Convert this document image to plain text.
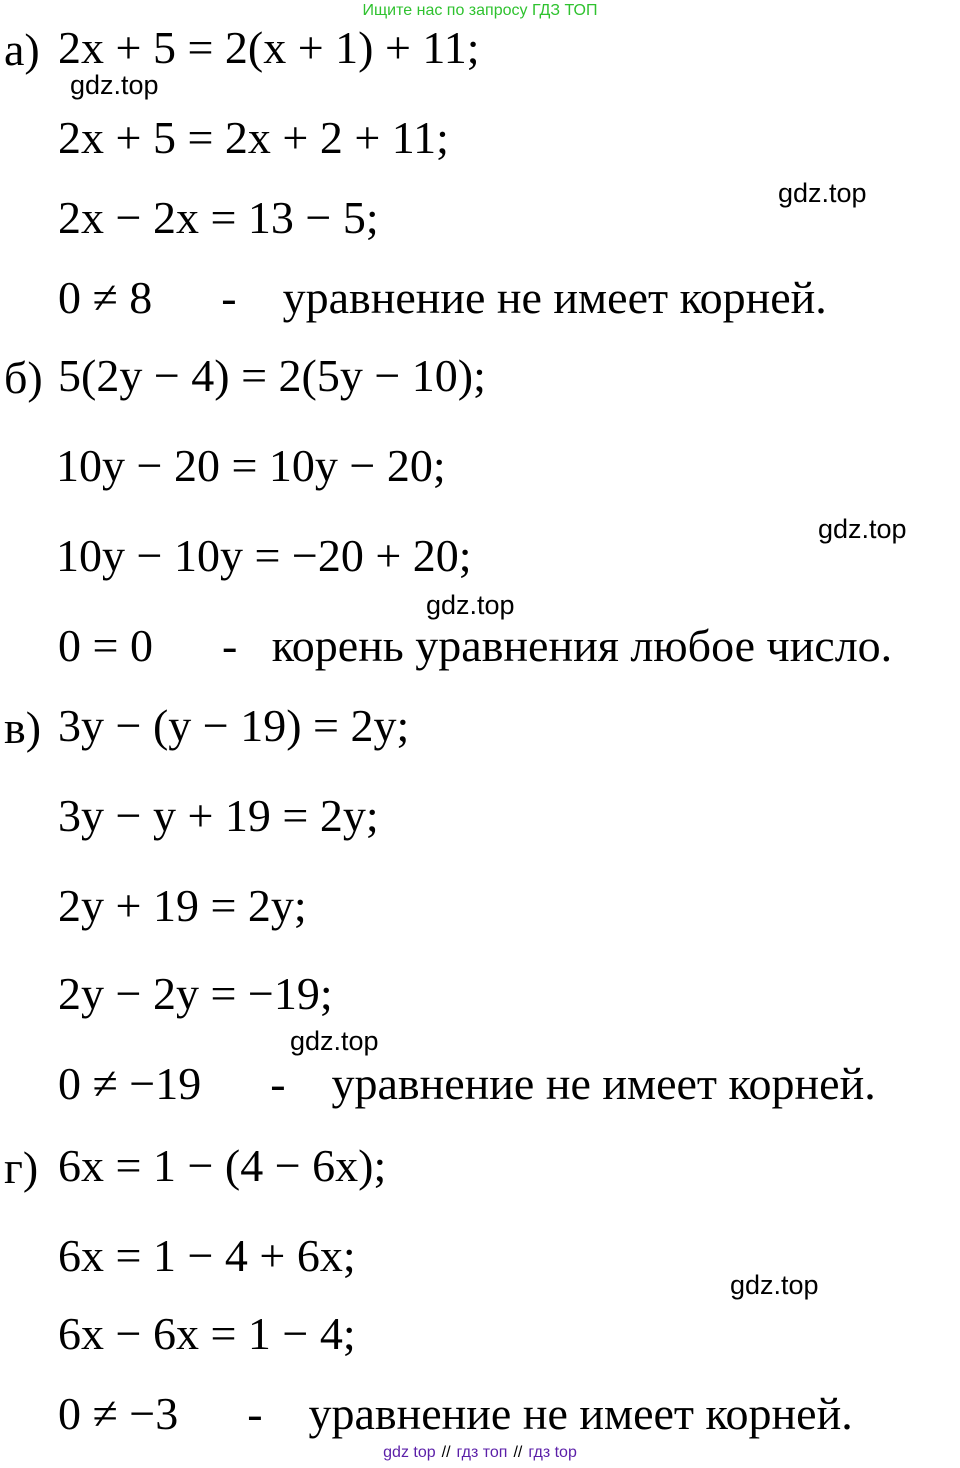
Ищите нас по запросу ГДЗ ТОП
gdz.top
gdz.top
gdz.top
gdz.top
gdz.top
gdz.top
а) 2x + 5 = 2(x + 1) + 11;
2x + 5 = 2x + 2 + 11;
2x − 2x = 13 − 5;
0 ≠ 8      -    уравнение не имеет корней.
б) 5(2y − 4) = 2(5y − 10);
10y − 20 = 10y − 20;
10y − 10y = −20 + 20;
0 = 0      -   корень уравнения любое число.
в) 3y − (y − 19) = 2y;
3y − y + 19 = 2y;
2y + 19 = 2y;
2y − 2y = −19;
0 ≠ −19      -    уравнение не имеет корней.
г) 6x = 1 − (4 − 6x);
6x = 1 − 4 + 6x;
6x − 6x = 1 − 4;
0 ≠ −3      -    уравнение не имеет корней.
gdz top // гдз топ // гдз top
